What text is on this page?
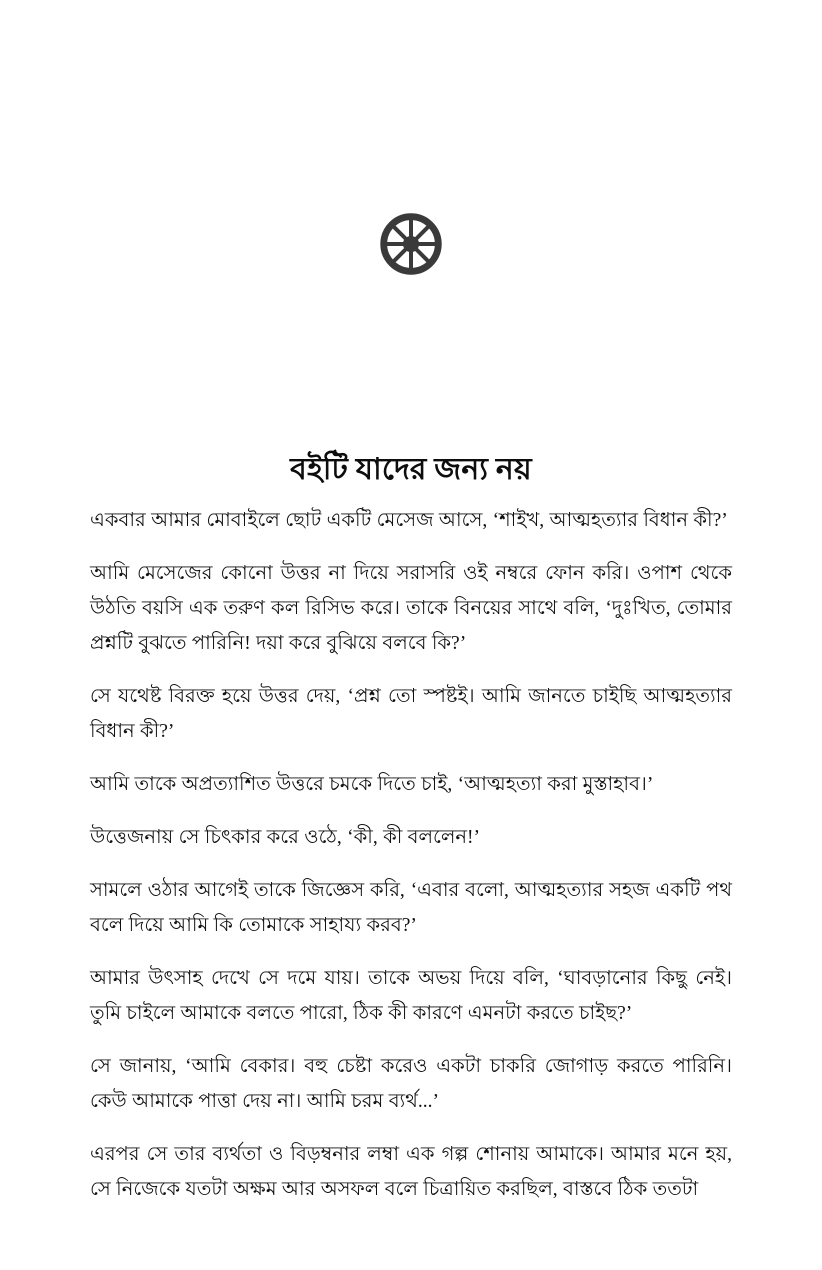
বইটি যাদের জন্য নয়

একবার আমার মোবাইলে ছোট একটি মেসেজ আসে, ‘শাইখ, আত্মহত্যার বিধান কী?’

আমি মেসেজের কোনো উত্তর না দিয়ে সরাসরি ওই নম্বরে ফোন করি। ওপাশ থেকে উঠতি বয়সি এক তরুণ কল রিসিভ করে। তাকে বিনয়ের সাথে বলি, ‘দুঃখিত, তোমার প্রশ্নটি বুঝতে পারিনি! দয়া করে বুঝিয়ে বলবে কি?’

সে যথেষ্ট বিরক্ত হয়ে উত্তর দেয়, ‘প্রশ্ন তো স্পষ্টই। আমি জানতে চাইছি আত্মহত্যার বিধান কী?’

আমি তাকে অপ্রত্যাশিত উত্তরে চমকে দিতে চাই, ‘আত্মহত্যা করা মুস্তাহাব।’

উত্তেজনায় সে চিৎকার করে ওঠে, ‘কী, কী বললেন!’

সামলে ওঠার আগেই তাকে জিজ্ঞেস করি, ‘এবার বলো, আত্মহত্যার সহজ একটি পথ বলে দিয়ে আমি কি তোমাকে সাহায্য করব?’

আমার উৎসাহ দেখে সে দমে যায়। তাকে অভয় দিয়ে বলি, ‘ঘাবড়ানোর কিছু নেই। তুমি চাইলে আমাকে বলতে পারো, ঠিক কী কারণে এমনটা করতে চাইছ?’

সে জানায়, ‘আমি বেকার। বহু চেষ্টা করেও একটা চাকরি জোগাড় করতে পারিনি। কেউ আমাকে পাত্তা দেয় না। আমি চরম ব্যর্থ...’

এরপর সে তার ব্যর্থতা ও বিড়ম্বনার লম্বা এক গল্প শোনায় আমাকে। আমার মনে হয়, সে নিজেকে যতটা অক্ষম আর অসফল বলে চিত্রায়িত করছিল, বাস্তবে ঠিক ততটা
